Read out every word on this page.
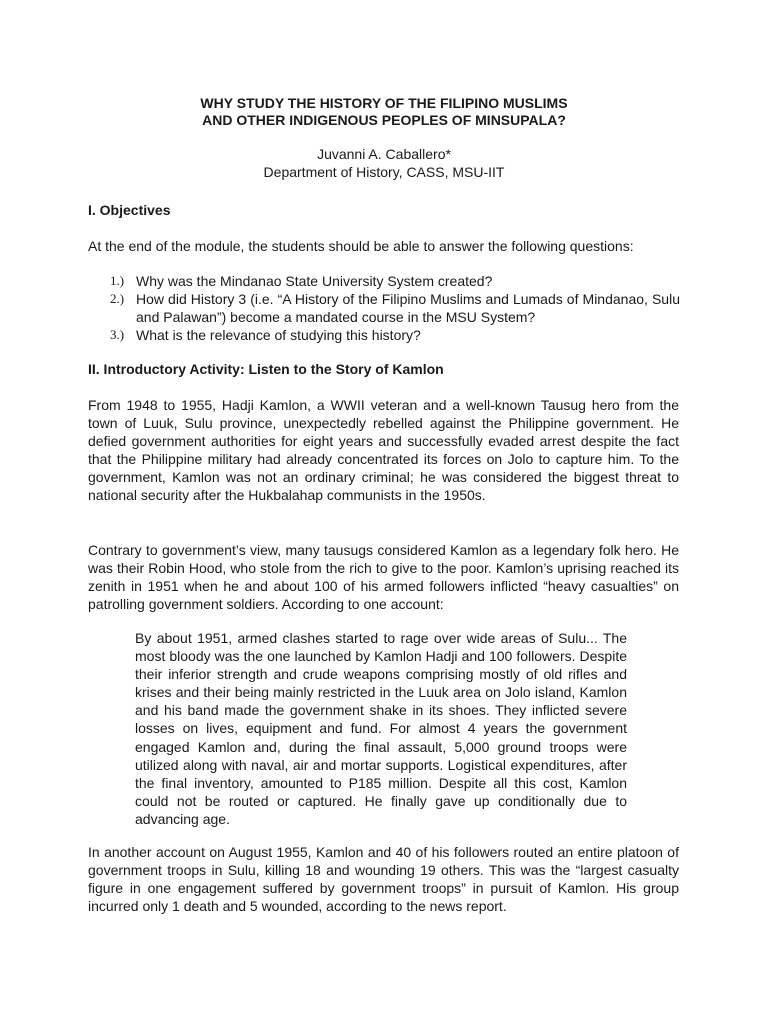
WHY STUDY THE HISTORY OF THE FILIPINO MUSLIMS
AND OTHER INDIGENOUS PEOPLES OF MINSUPALA?
Juvanni A. Caballero*
Department of History, CASS, MSU-IIT
I. Objectives
At the end of the module, the students should be able to answer the following questions:
1.) Why was the Mindanao State University System created?
2.) How did History 3 (i.e. “A History of the Filipino Muslims and Lumads of Mindanao, Sulu and Palawan”) become a mandated course in the MSU System?
3.) What is the relevance of studying this history?
II. Introductory Activity: Listen to the Story of Kamlon
From 1948 to 1955, Hadji Kamlon, a WWII veteran and a well-known Tausug hero from the town of Luuk, Sulu province, unexpectedly rebelled against the Philippine government. He defied government authorities for eight years and successfully evaded arrest despite the fact that the Philippine military had already concentrated its forces on Jolo to capture him. To the government, Kamlon was not an ordinary criminal; he was considered the biggest threat to national security after the Hukbalahap communists in the 1950s.
Contrary to government’s view, many tausugs considered Kamlon as a legendary folk hero. He was their Robin Hood, who stole from the rich to give to the poor. Kamlon’s uprising reached its zenith in 1951 when he and about 100 of his armed followers inflicted “heavy casualties” on patrolling government soldiers. According to one account:
By about 1951, armed clashes started to rage over wide areas of Sulu... The most bloody was the one launched by Kamlon Hadji and 100 followers. Despite their inferior strength and crude weapons comprising mostly of old rifles and krises and their being mainly restricted in the Luuk area on Jolo island, Kamlon and his band made the government shake in its shoes. They inflicted severe losses on lives, equipment and fund. For almost 4 years the government engaged Kamlon and, during the final assault, 5,000 ground troops were utilized along with naval, air and mortar supports. Logistical expenditures, after the final inventory, amounted to P185 million. Despite all this cost, Kamlon could not be routed or captured. He finally gave up conditionally due to advancing age.
In another account on August 1955, Kamlon and 40 of his followers routed an entire platoon of government troops in Sulu, killing 18 and wounding 19 others. This was the “largest casualty figure in one engagement suffered by government troops” in pursuit of Kamlon. His group incurred only 1 death and 5 wounded, according to the news report.
